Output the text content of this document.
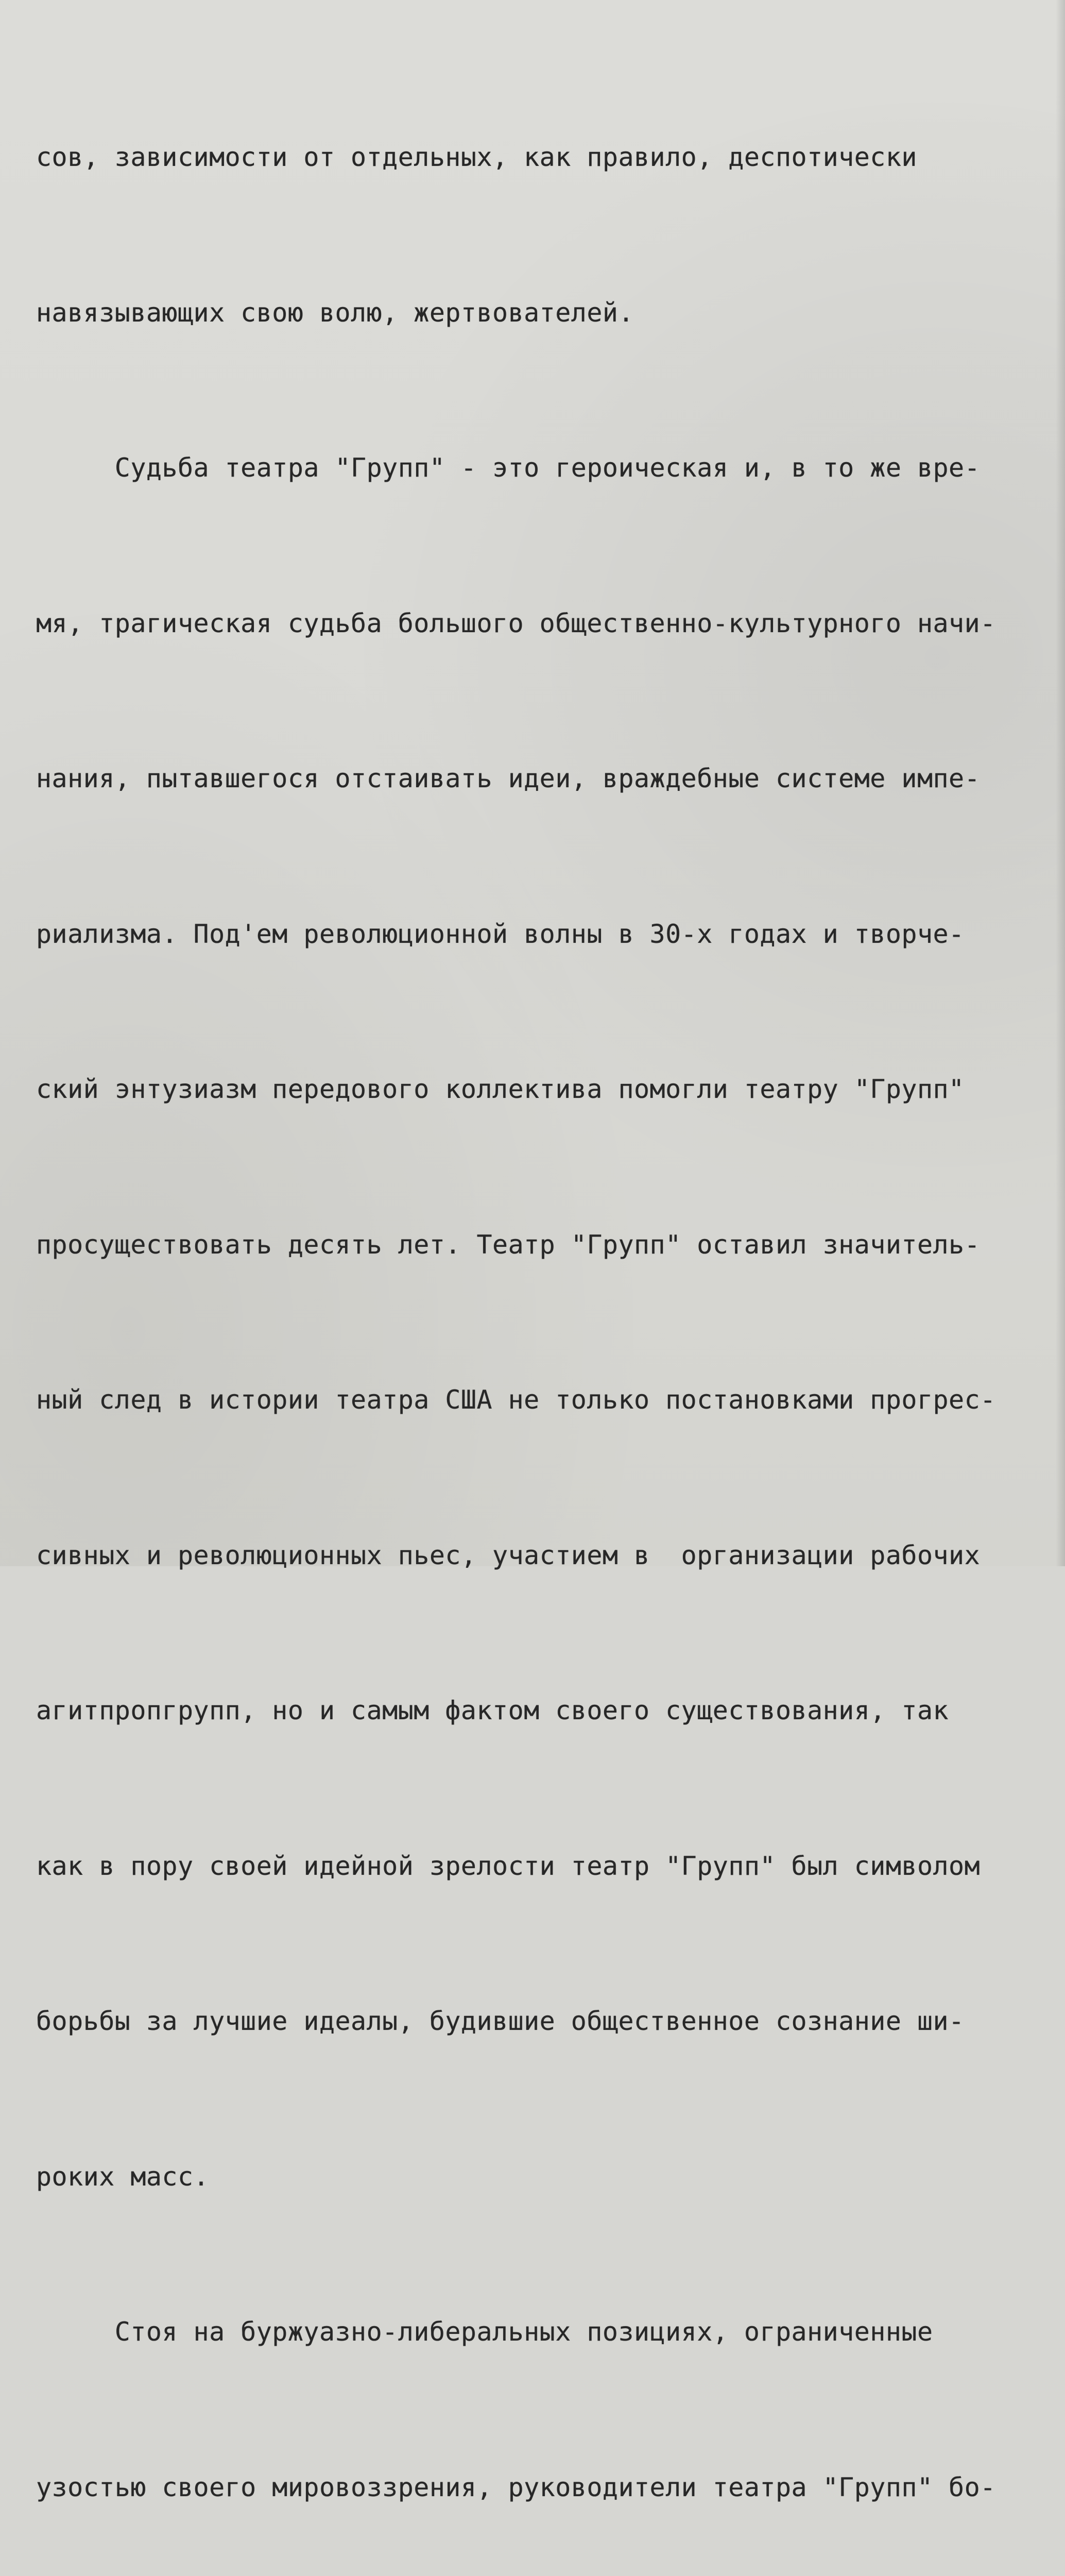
сов, зависимости от отдельных, как правило, деспотически

навязывающих свою волю, жертвователей.

Судьба театра "Групп" - это героическая и, в то же вре-

мя, трагическая судьба большого общественно-культурного начи-

нания, пытавшегося отстаивать идеи, враждебные системе импе-

риализма. Под'ем революционной волны в 30-х годах и творче-

ский энтузиазм передового коллектива помогли театру "Групп"

просуществовать десять лет. Театр "Групп" оставил значитель-

ный след в истории театра США не только постановками прогрес-

сивных и революционных пьес, участием в  организации рабочих

агитпропгрупп, но и самым фактом своего существования, так

как в пору своей идейной зрелости театр "Групп" был символом

борьбы за лучшие идеалы, будившие общественное сознание ши-

роких масс.

Стоя на буржуазно-либеральных позициях, ограниченные

узостью своего мировоззрения, руководители театра "Групп" бо-
